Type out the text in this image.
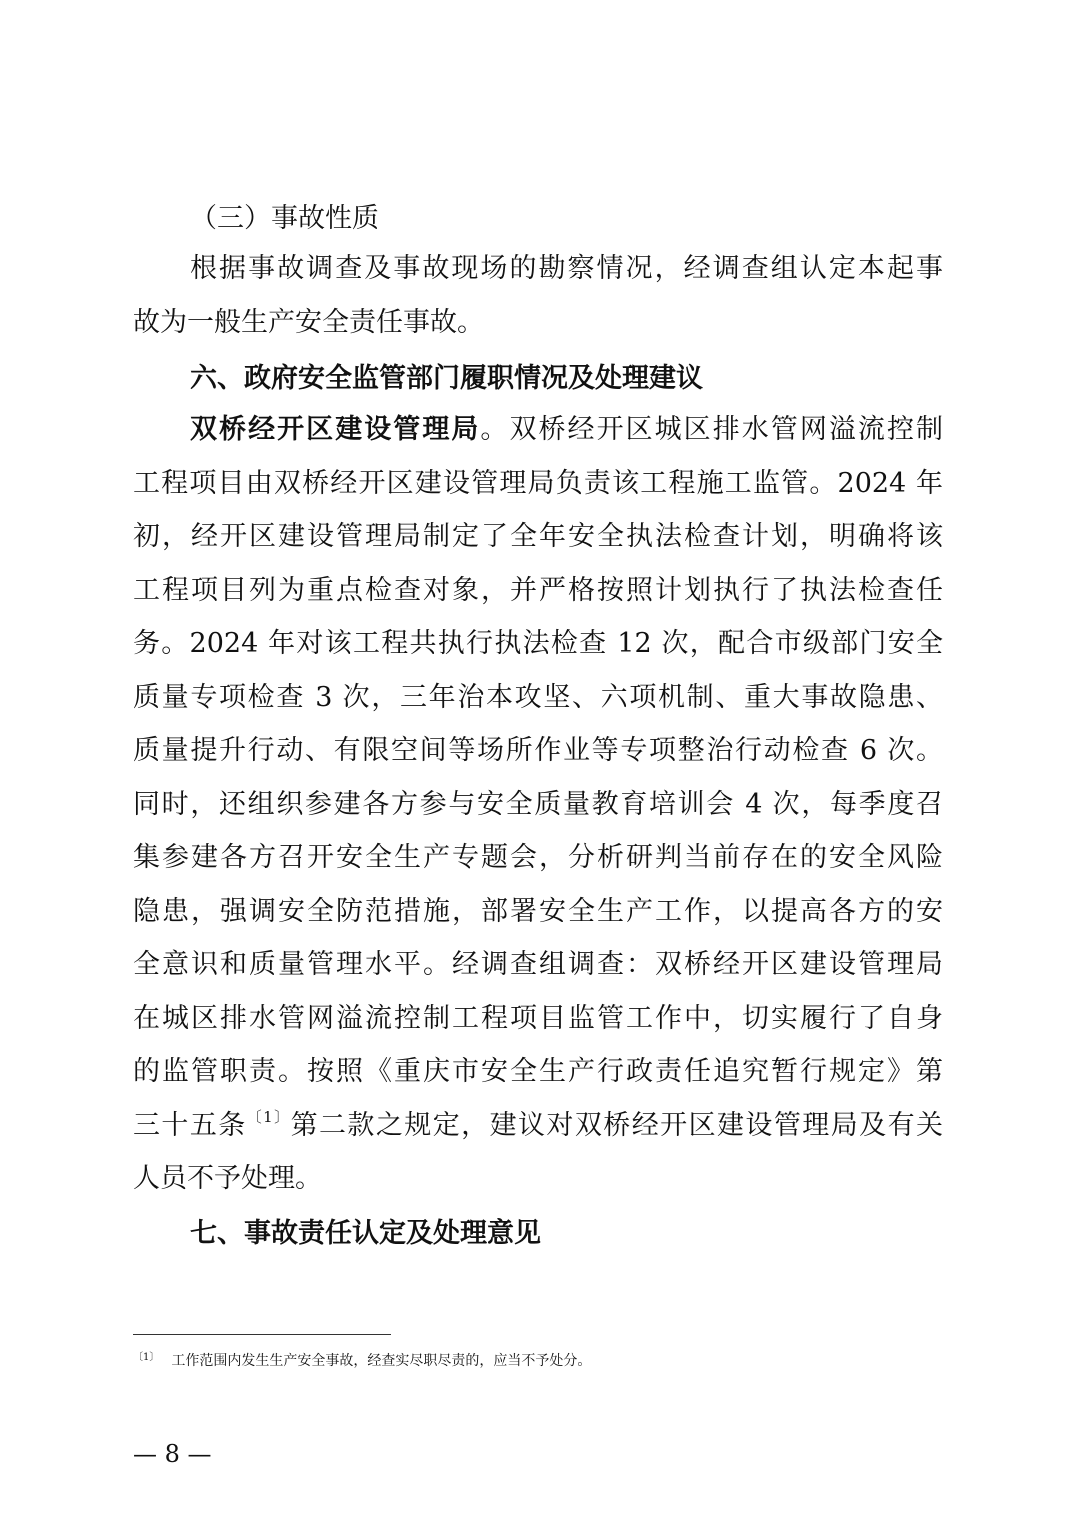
（三）事故性质
根据事故调查及事故现场的勘察情况，经调查组认定本起事
故为一般生产安全责任事故。
六、政府安全监管部门履职情况及处理建议
双桥经开区建设管理局。双桥经开区城区排水管网溢流控制
工程项目由双桥经开区建设管理局负责该工程施工监管。2024 年
初，经开区建设管理局制定了全年安全执法检查计划，明确将该
工程项目列为重点检查对象，并严格按照计划执行了执法检查任
务。2024 年对该工程共执行执法检查 12 次，配合市级部门安全
质量专项检查 3 次，三年治本攻坚、六项机制、重大事故隐患、
质量提升行动、有限空间等场所作业等专项整治行动检查 6 次。
同时，还组织参建各方参与安全质量教育培训会 4 次，每季度召
集参建各方召开安全生产专题会，分析研判当前存在的安全风险
隐患，强调安全防范措施，部署安全生产工作，以提高各方的安
全意识和质量管理水平。经调查组调查：双桥经开区建设管理局
在城区排水管网溢流控制工程项目监管工作中，切实履行了自身
的监管职责。按照《重庆市安全生产行政责任追究暂行规定》第
三十五条$^{〔1〕}$第二款之规定，建议对双桥经开区建设管理局及有关
人员不予处理。
七、事故责任认定及处理意见
$^{〔1〕}$ 工作范围内发生生产安全事故，经查实尽职尽责的，应当不予处分。
— 8 —
